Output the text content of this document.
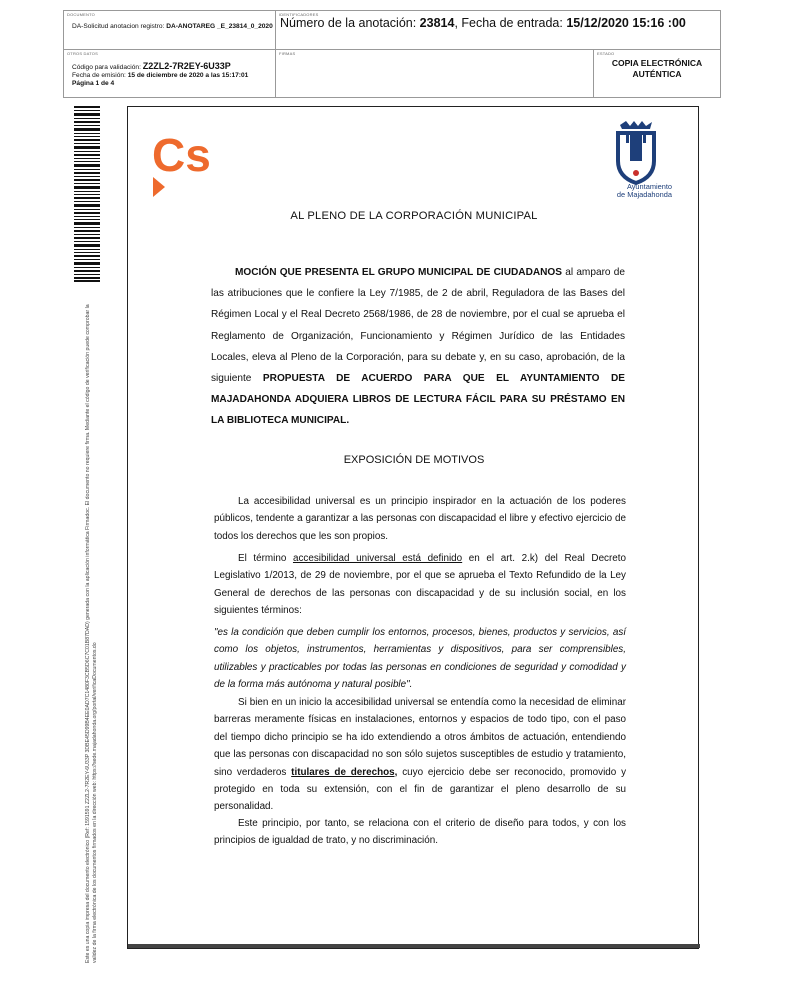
DOCUMENTO
DA-Solicitud anotacion registro: DA-ANOTAREG _E_23814_0_2020
IDENTIFICADORES
Número de la anotación: 23814, Fecha de entrada: 15/12/2020 15:16 :00
OTROS DATOS
Código para validación: Z2ZL2-7R2EY-6U33P
Fecha de emisión: 15 de diciembre de 2020 a las 15:17:01
Página 1 de 4
FIRMAS	ESTADO
COPIA ELECTRÓNICA AUTÉNTICA
Este es una copia impresa del documento electrónico (Ref: 1591591 Z2ZL2-7R2EY-6U33P 3DBE45D99B4EE0AD7C1480F3CB5D6C7C01B87DAD) generada con la aplicación informática Firmadoc. El documento no requiere firma. Mediante el código de verificación puede comprobar la validez de la firma electrónica de los documentos firmados en la dirección web: https://sede.majadahonda.org/portal/verificaDocumentos.do
Cs
Ayuntamiento
de Majadahonda
AL PLENO DE LA CORPORACIÓN MUNICIPAL
MOCIÓN QUE PRESENTA EL GRUPO MUNICIPAL DE CIUDADANOS al amparo de las atribuciones que le confiere la Ley 7/1985, de 2 de abril, Reguladora de las Bases del Régimen Local y el Real Decreto 2568/1986, de 28 de noviembre, por el cual se aprueba el Reglamento de Organización, Funcionamiento y Régimen Jurídico de las Entidades Locales, eleva al Pleno de la Corporación, para su debate y, en su caso, aprobación, de la siguiente PROPUESTA DE ACUERDO PARA QUE EL AYUNTAMIENTO DE MAJADAHONDA ADQUIERA LIBROS DE LECTURA FÁCIL PARA SU PRÉSTAMO EN LA BIBLIOTECA MUNICIPAL.
EXPOSICIÓN DE MOTIVOS
La accesibilidad universal es un principio inspirador en la actuación de los poderes públicos, tendente a garantizar a las personas con discapacidad el libre y efectivo ejercicio de todos los derechos que les son propios.
El término accesibilidad universal está definido en el art. 2.k) del Real Decreto Legislativo 1/2013, de 29 de noviembre, por el que se aprueba el Texto Refundido de la Ley General de derechos de las personas con discapacidad y de su inclusión social, en los siguientes términos:
"es la condición que deben cumplir los entornos, procesos, bienes, productos y servicios, así como los objetos, instrumentos, herramientas y dispositivos, para ser comprensibles, utilizables y practicables por todas las personas en condiciones de seguridad y comodidad y de la forma más autónoma y natural posible".
Si bien en un inicio la accesibilidad universal se entendía como la necesidad de eliminar barreras meramente físicas en instalaciones, entornos y espacios de todo tipo, con el paso del tiempo dicho principio se ha ido extendiendo a otros ámbitos de actuación, entendiendo que las personas con discapacidad no son sólo sujetos susceptibles de estudio y tratamiento, sino verdaderos titulares de derechos, cuyo ejercicio debe ser reconocido, promovido y protegido en toda su extensión, con el fin de garantizar el pleno desarrollo de su personalidad.
Este principio, por tanto, se relaciona con el criterio de diseño para todos, y con los principios de igualdad de trato, y no discriminación.
